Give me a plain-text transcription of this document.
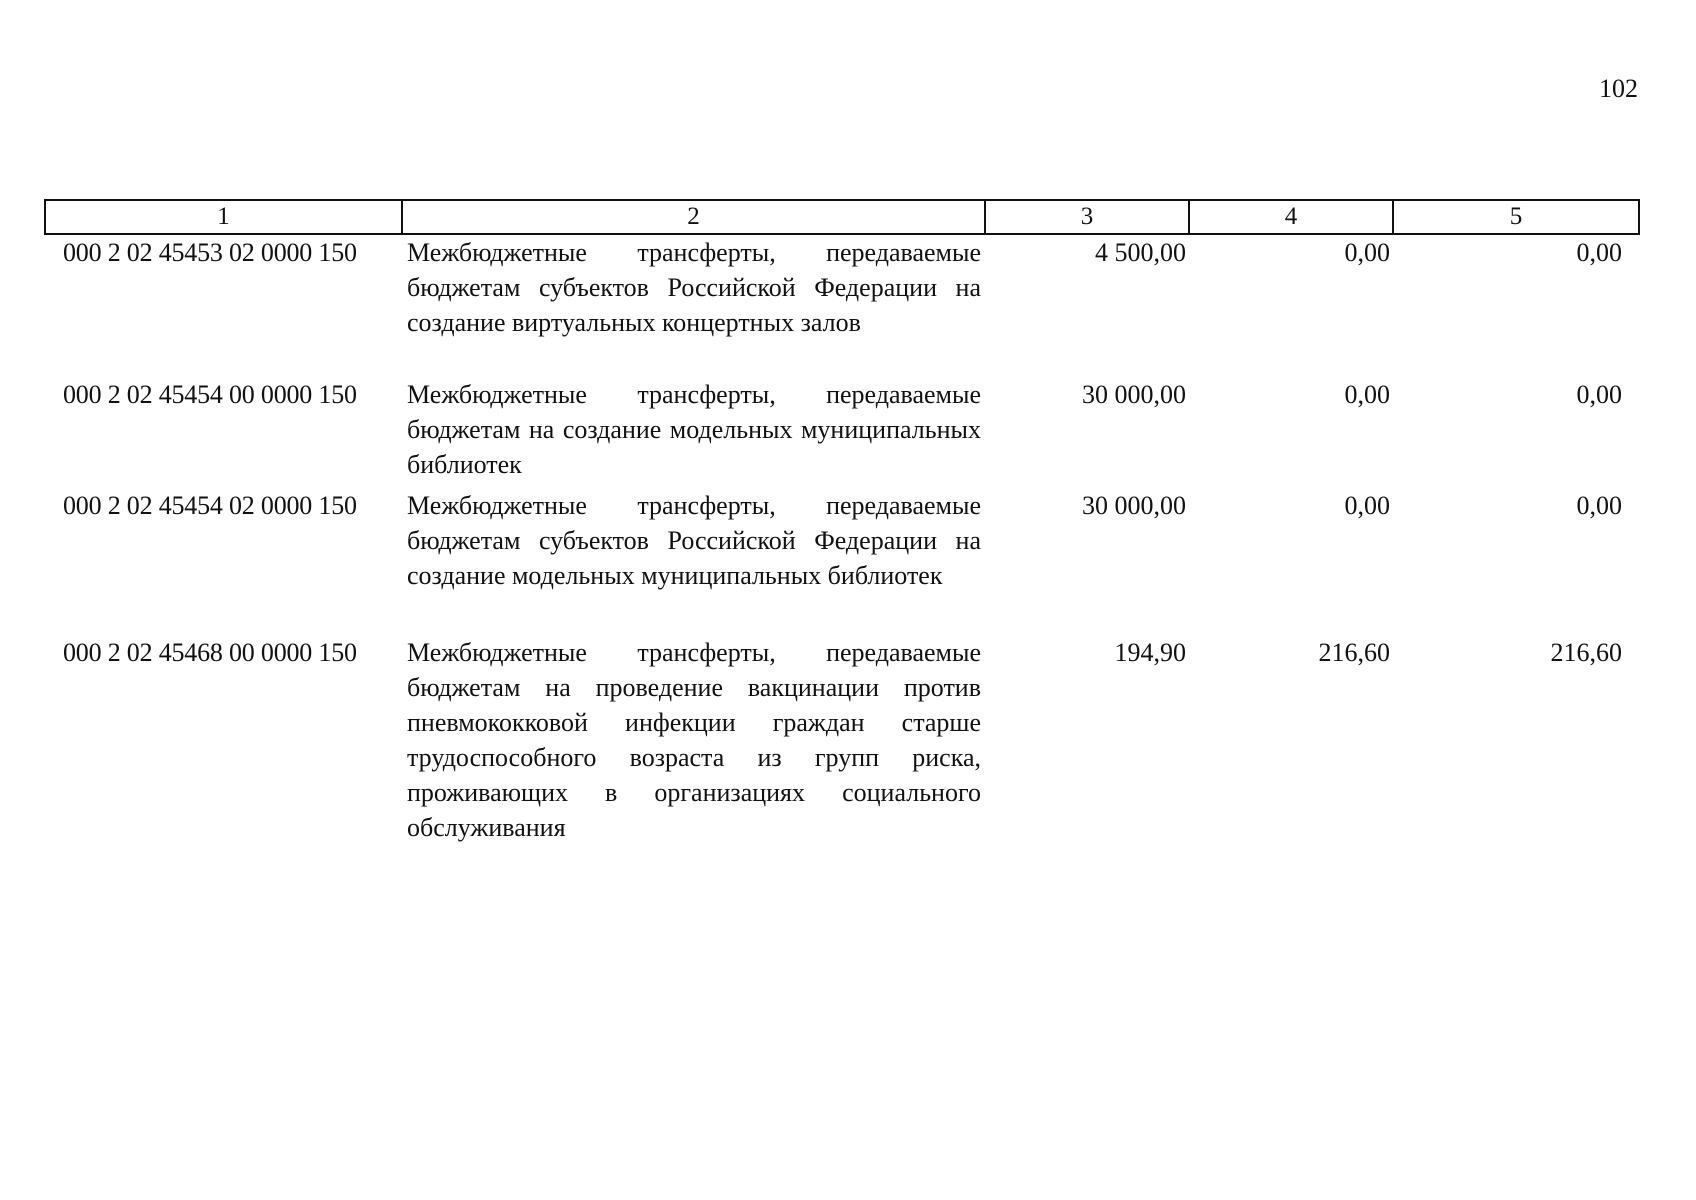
102
1	2	3	4	5
000 2 02 45453 02 0000 150	Межбюджетные трансферты, передаваемые бюджетам субъектов Российской Федерации на создание виртуальных концертных залов	4 500,00	0,00	0,00
000 2 02 45454 00 0000 150	Межбюджетные трансферты, передаваемые бюджетам на создание модельных муниципальных библиотек	30 000,00	0,00	0,00
000 2 02 45454 02 0000 150	Межбюджетные трансферты, передаваемые бюджетам субъектов Российской Федерации на создание модельных муниципальных библиотек	30 000,00	0,00	0,00
000 2 02 45468 00 0000 150	Межбюджетные трансферты, передаваемые бюджетам на проведение вакцинации против пневмококковой инфекции граждан старше трудоспособного возраста из групп риска, проживающих в организациях социального обслуживания	194,90	216,60	216,60
